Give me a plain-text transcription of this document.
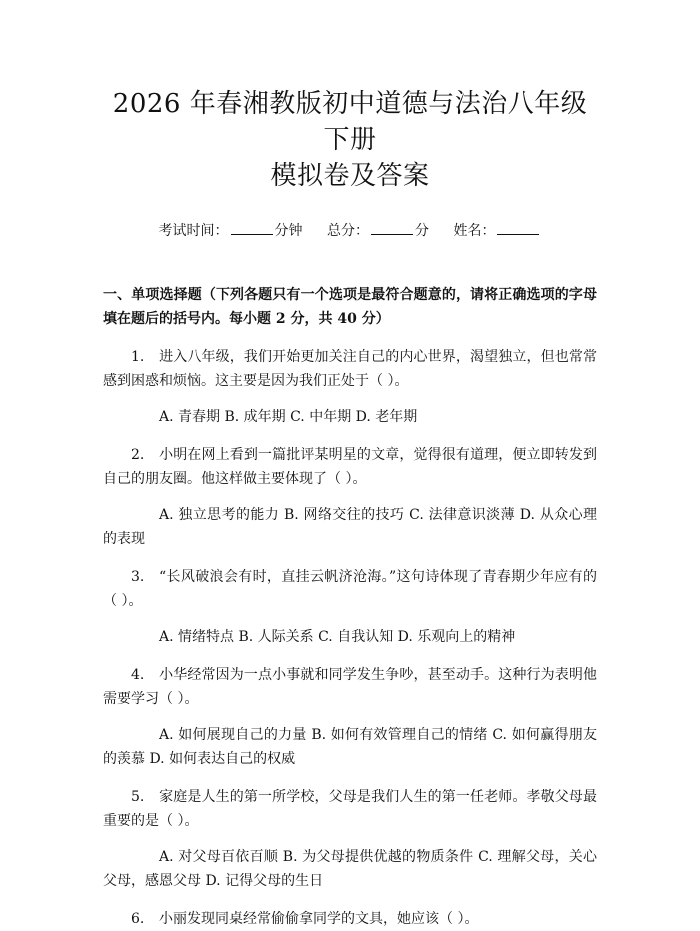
2026 年春湘教版初中道德与法治八年级下册
模拟卷及答案
考试时间：	分钟 总分：	分 姓名：
一、单项选择题（下列各题只有一个选项是最符合题意的，请将正确选项的字母填在题后的括号内。每小题 2 分，共 40 分）
1. 进入八年级，我们开始更加关注自己的内心世界，渴望独立，但也常常感到困惑和烦恼。这主要是因为我们正处于（ ）。
A. 青春期 B. 成年期 C. 中年期 D. 老年期
2. 小明在网上看到一篇批评某明星的文章，觉得很有道理，便立即转发到自己的朋友圈。他这样做主要体现了（ ）。
A. 独立思考的能力 B. 网络交往的技巧 C. 法律意识淡薄 D. 从众心理的表现
3. “长风破浪会有时，直挂云帆济沧海。”这句诗体现了青春期少年应有的（ ）。
A. 情绪特点 B. 人际关系 C. 自我认知 D. 乐观向上的精神
4. 小华经常因为一点小事就和同学发生争吵，甚至动手。这种行为表明他需要学习（ ）。
A. 如何展现自己的力量 B. 如何有效管理自己的情绪 C. 如何赢得朋友的羡慕 D. 如何表达自己的权威
5. 家庭是人生的第一所学校，父母是我们人生的第一任老师。孝敬父母最重要的是（ ）。
A. 对父母百依百顺 B. 为父母提供优越的物质条件 C. 理解父母，关心父母，感恩父母 D. 记得父母的生日
6. 小丽发现同桌经常偷偷拿同学的文具，她应该（ ）。
